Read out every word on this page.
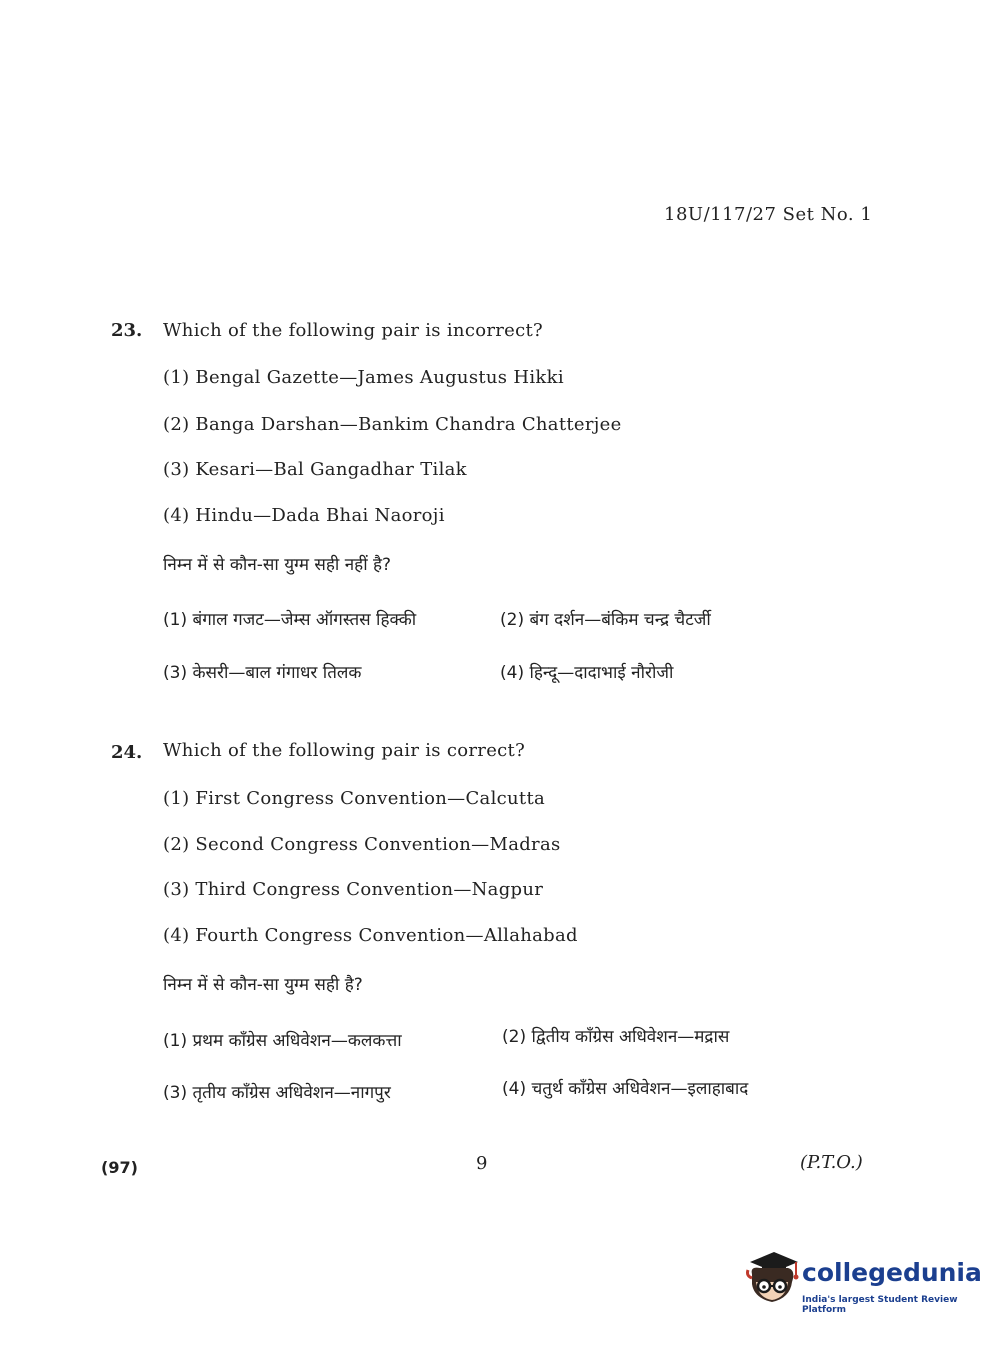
18U/117/27 Set No. 1
23. Which of the following pair is incorrect?
(1) Bengal Gazette—James Augustus Hikki
(2) Banga Darshan—Bankim Chandra Chatterjee
(3) Kesari—Bal Gangadhar Tilak
(4) Hindu—Dada Bhai Naoroji
निम्न में से कौन-सा युग्म सही नहीं है?
(1) बंगाल गजट—जेम्स ऑगस्तस हिक्की	(2) बंग दर्शन—बंकिम चन्द्र चैटर्जी
(3) केसरी—बाल गंगाधर तिलक	(4) हिन्दू—दादाभाई नौरोजी
24. Which of the following pair is correct?
(1) First Congress Convention—Calcutta
(2) Second Congress Convention—Madras
(3) Third Congress Convention—Nagpur
(4) Fourth Congress Convention—Allahabad
निम्न में से कौन-सा युग्म सही है?
(1) प्रथम काँग्रेस अधिवेशन—कलकत्ता	(2) द्वितीय काँग्रेस अधिवेशन—मद्रास
(3) तृतीय काँग्रेस अधिवेशन—नागपुर	(4) चतुर्थ काँग्रेस अधिवेशन—इलाहाबाद
(97)	9	(P.T.O.)
collegedunia
India's largest Student Review Platform
